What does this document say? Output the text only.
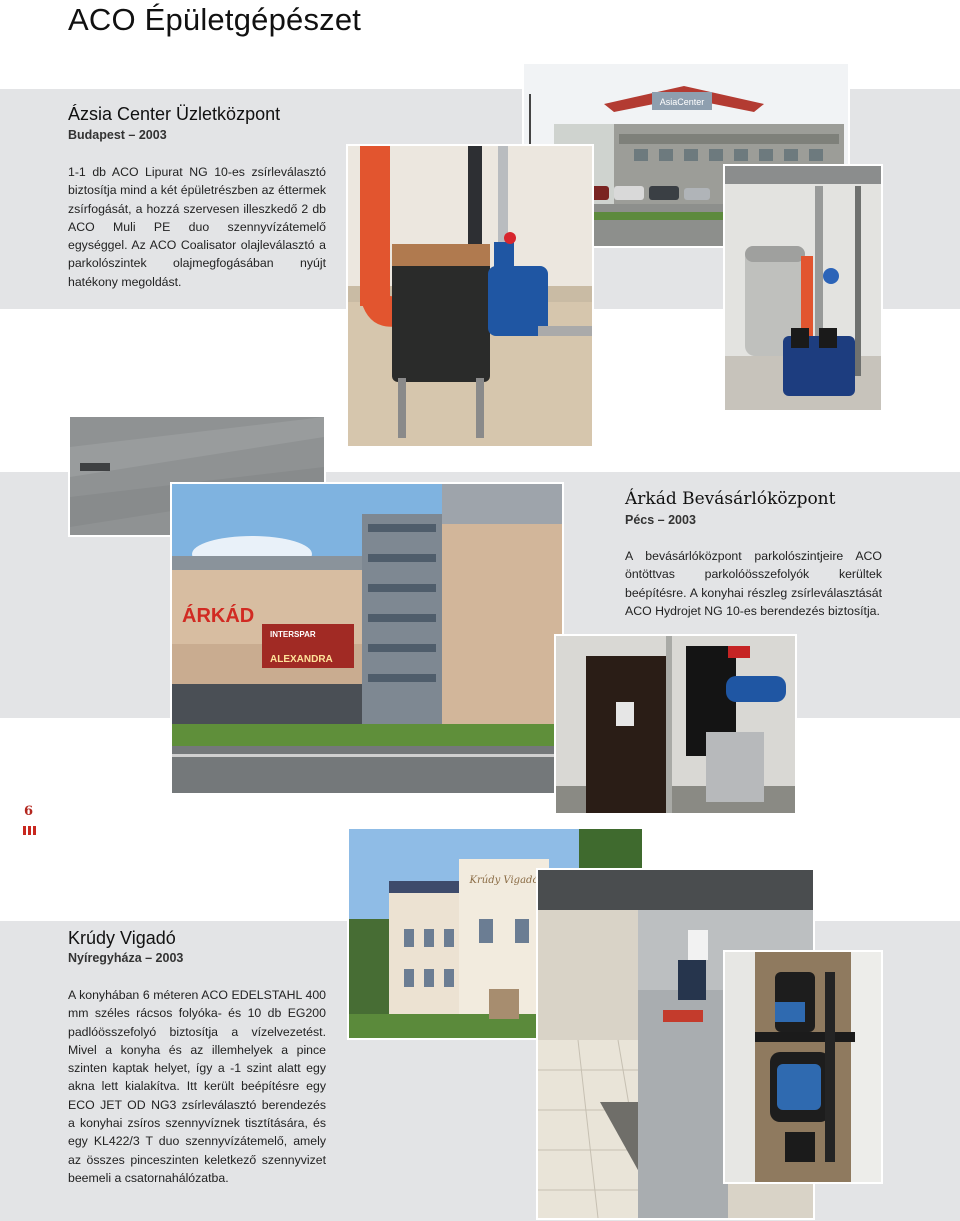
ACO Épületgépészet
Ázsia Center Üzletközpont
Budapest – 2003

1-1 db ACO Lipurat NG 10-es zsírleválasztó biztosítja mind a két épületrészben az éttermek zsírfogását, a hozzá szervesen illeszkedő 2 db ACO Muli PE duo szennyvízátemelő egységgel. Az ACO Coalisator olajleválasztó a parkolószintek olajmegfogásában nyújt hatékony megoldást.

Árkád Bevásárlóközpont
Pécs – 2003

A bevásárlóközpont parkolószintjeire ACO öntöttvas parkolóösszefolyók kerültek beépítésre. A konyhai részleg zsírleválasztását ACO Hydrojet NG 10-es berendezés biztosítja.

Krúdy Vigadó
Nyíregyháza – 2003

A konyhában 6 méteren ACO EDELSTAHL 400 mm széles rácsos folyóka- és 10 db EG200 padlóösszefolyó biztosítja a vízelvezetést. Mivel a konyha és az illemhelyek a pince szinten kaptak helyet, így a -1 szint alatt egy akna lett kialakítva. Itt került beépítésre egy ECO JET OD NG3 zsírleválasztó berendezés a konyhai zsíros szennyvíznek tisztítására, és egy KL422/3 T duo szennyvízátemelő, amely az összes pinceszinten keletkező szennyvizet beemeli a csatornahálózatba.

6
AsiaCenter
ÁRKÁD
INTERSPAR
ALEXANDRA
Krúdy Vigadó
